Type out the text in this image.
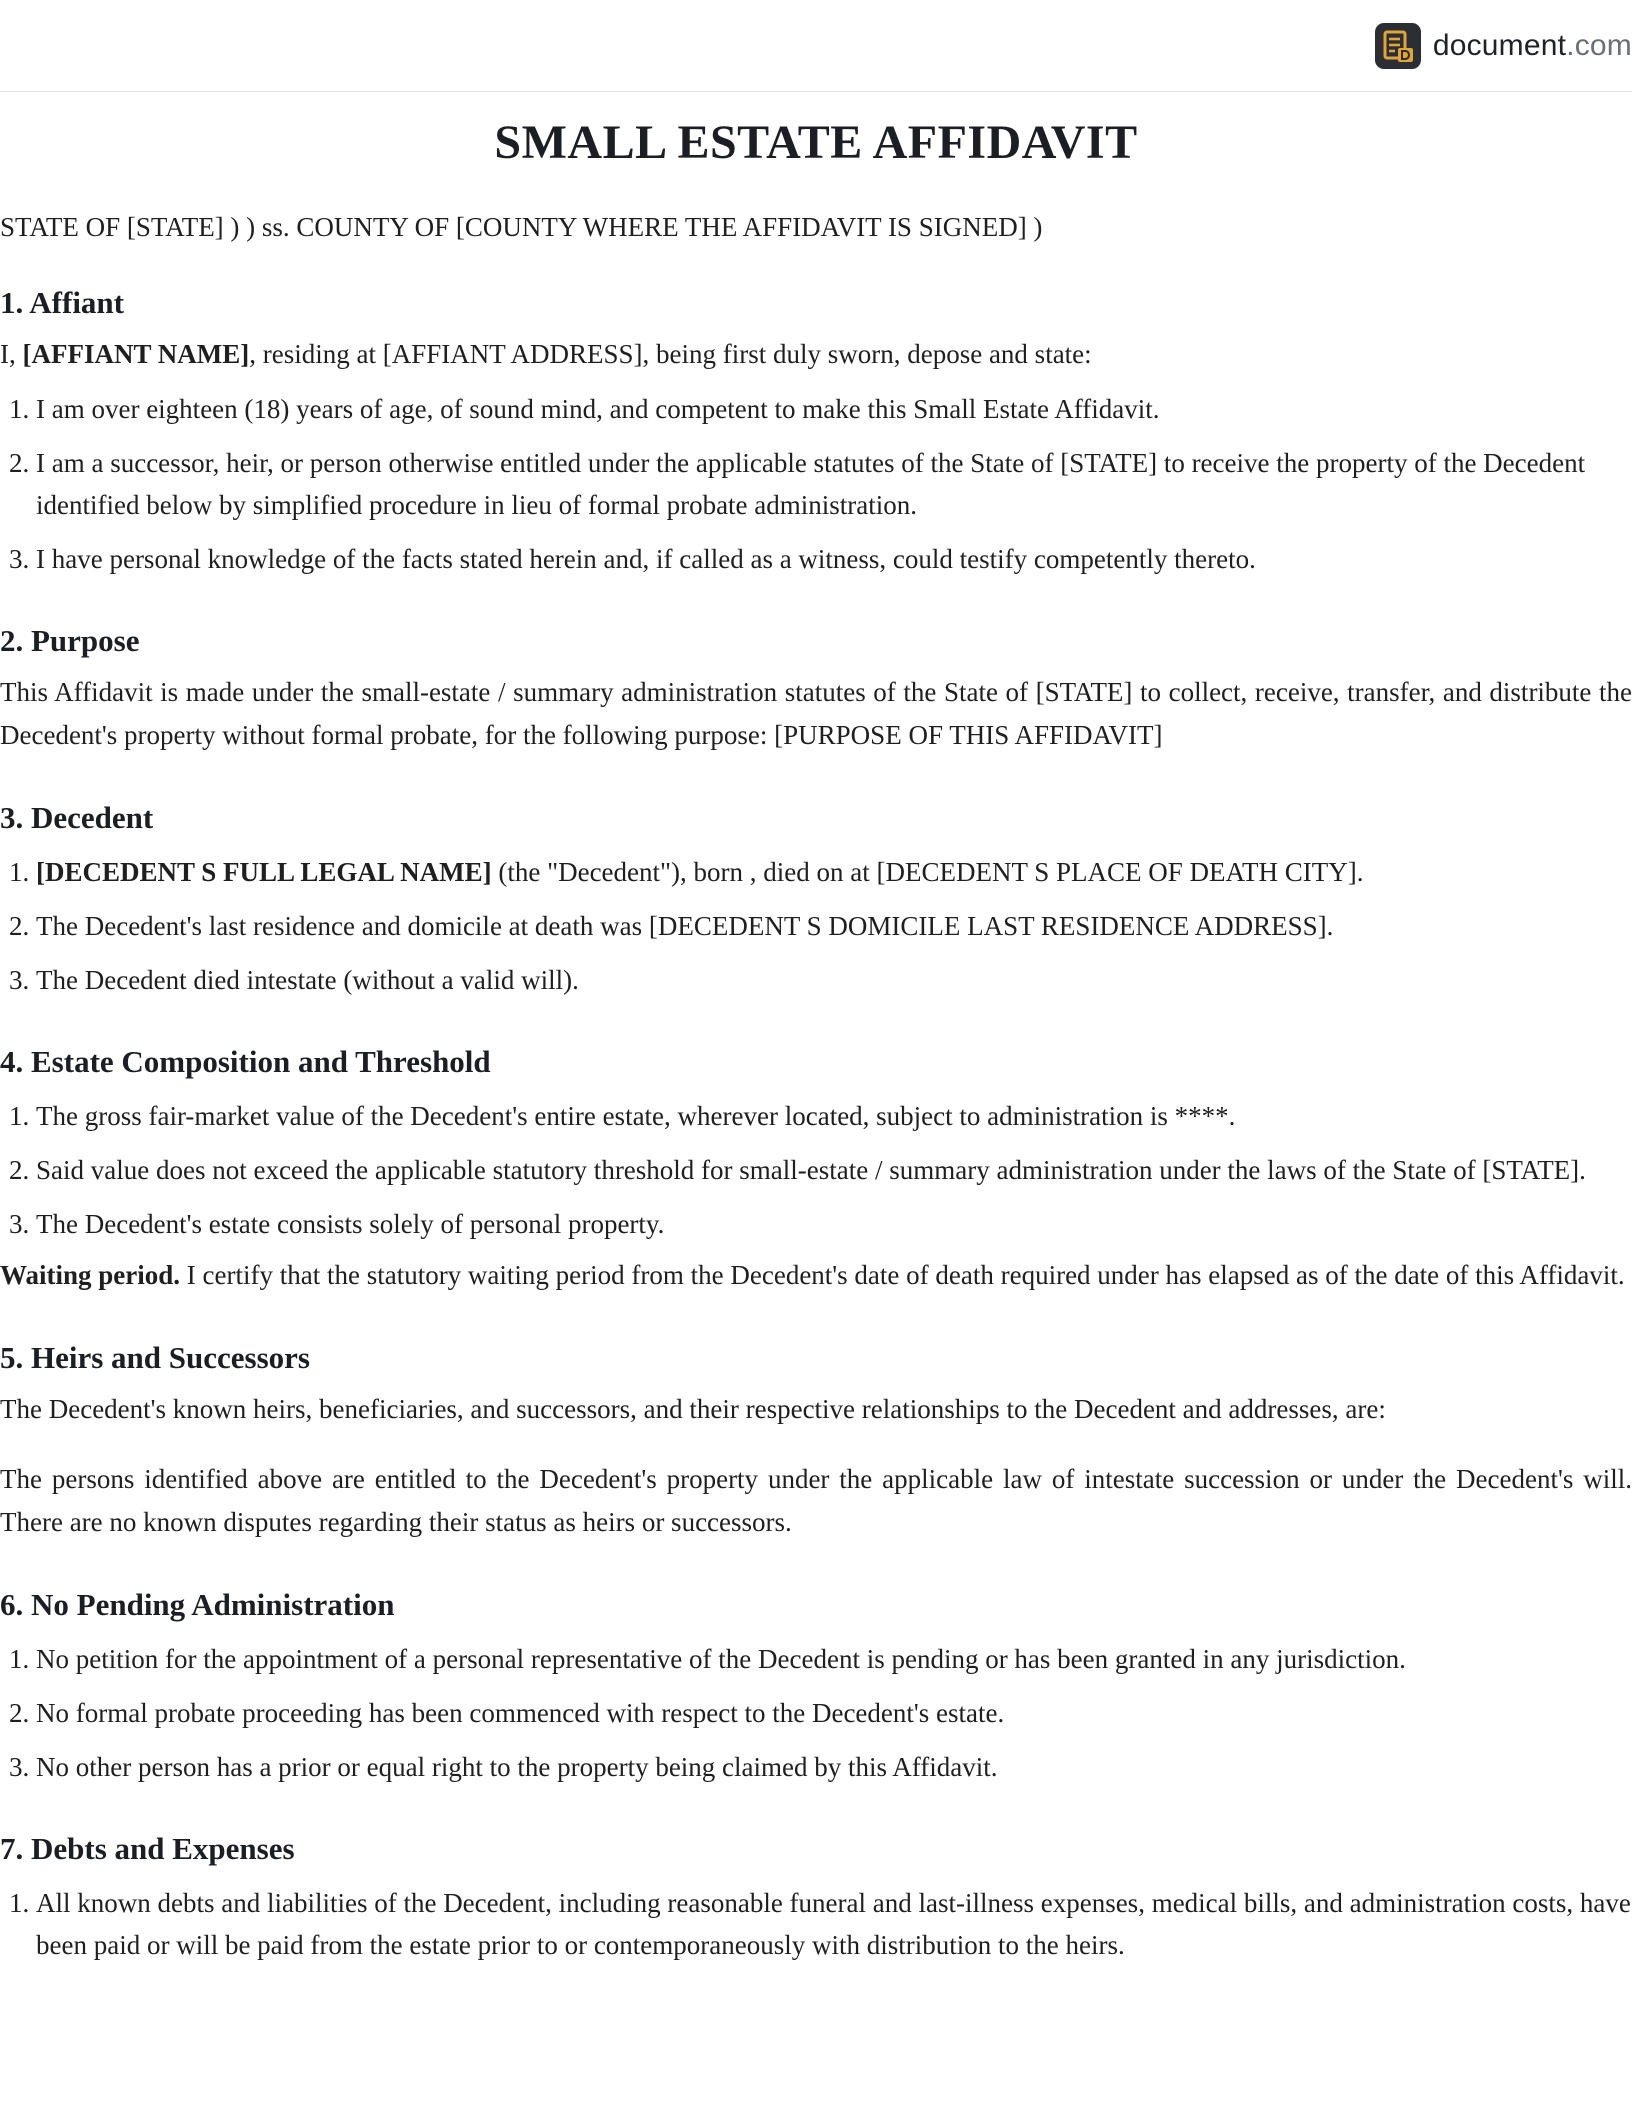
document.com
SMALL ESTATE AFFIDAVIT

STATE OF [STATE] ) ) ss. COUNTY OF [COUNTY WHERE THE AFFIDAVIT IS SIGNED] )

1. Affiant

I, [AFFIANT NAME], residing at [AFFIANT ADDRESS], being first duly sworn, depose and state:

1. I am over eighteen (18) years of age, of sound mind, and competent to make this Small Estate Affidavit.
2. I am a successor, heir, or person otherwise entitled under the applicable statutes of the State of [STATE] to receive the property of the Decedent identified below by simplified procedure in lieu of formal probate administration.
3. I have personal knowledge of the facts stated herein and, if called as a witness, could testify competently thereto.
2. Purpose

This Affidavit is made under the small-estate / summary administration statutes of the State of [STATE] to collect, receive, transfer, and distribute the Decedent's property without formal probate, for the following purpose: [PURPOSE OF THIS AFFIDAVIT]

3. Decedent
1. [DECEDENT S FULL LEGAL NAME] (the "Decedent"), born , died on at [DECEDENT S PLACE OF DEATH CITY].
2. The Decedent's last residence and domicile at death was [DECEDENT S DOMICILE LAST RESIDENCE ADDRESS].
3. The Decedent died intestate (without a valid will).
4. Estate Composition and Threshold
1. The gross fair-market value of the Decedent's entire estate, wherever located, subject to administration is ****.
2. Said value does not exceed the applicable statutory threshold for small-estate / summary administration under the laws of the State of [STATE].
3. The Decedent's estate consists solely of personal property.

Waiting period. I certify that the statutory waiting period from the Decedent's date of death required under has elapsed as of the date of this Affidavit.

5. Heirs and Successors

The Decedent's known heirs, beneficiaries, and successors, and their respective relationships to the Decedent and addresses, are:

The persons identified above are entitled to the Decedent's property under the applicable law of intestate succession or under the Decedent's will. There are no known disputes regarding their status as heirs or successors.

6. No Pending Administration
1. No petition for the appointment of a personal representative of the Decedent is pending or has been granted in any jurisdiction.
2. No formal probate proceeding has been commenced with respect to the Decedent's estate.
3. No other person has a prior or equal right to the property being claimed by this Affidavit.
7. Debts and Expenses
1. All known debts and liabilities of the Decedent, including reasonable funeral and last-illness expenses, medical bills, and administration costs, have been paid or will be paid from the estate prior to or contemporaneously with distribution to the heirs.
